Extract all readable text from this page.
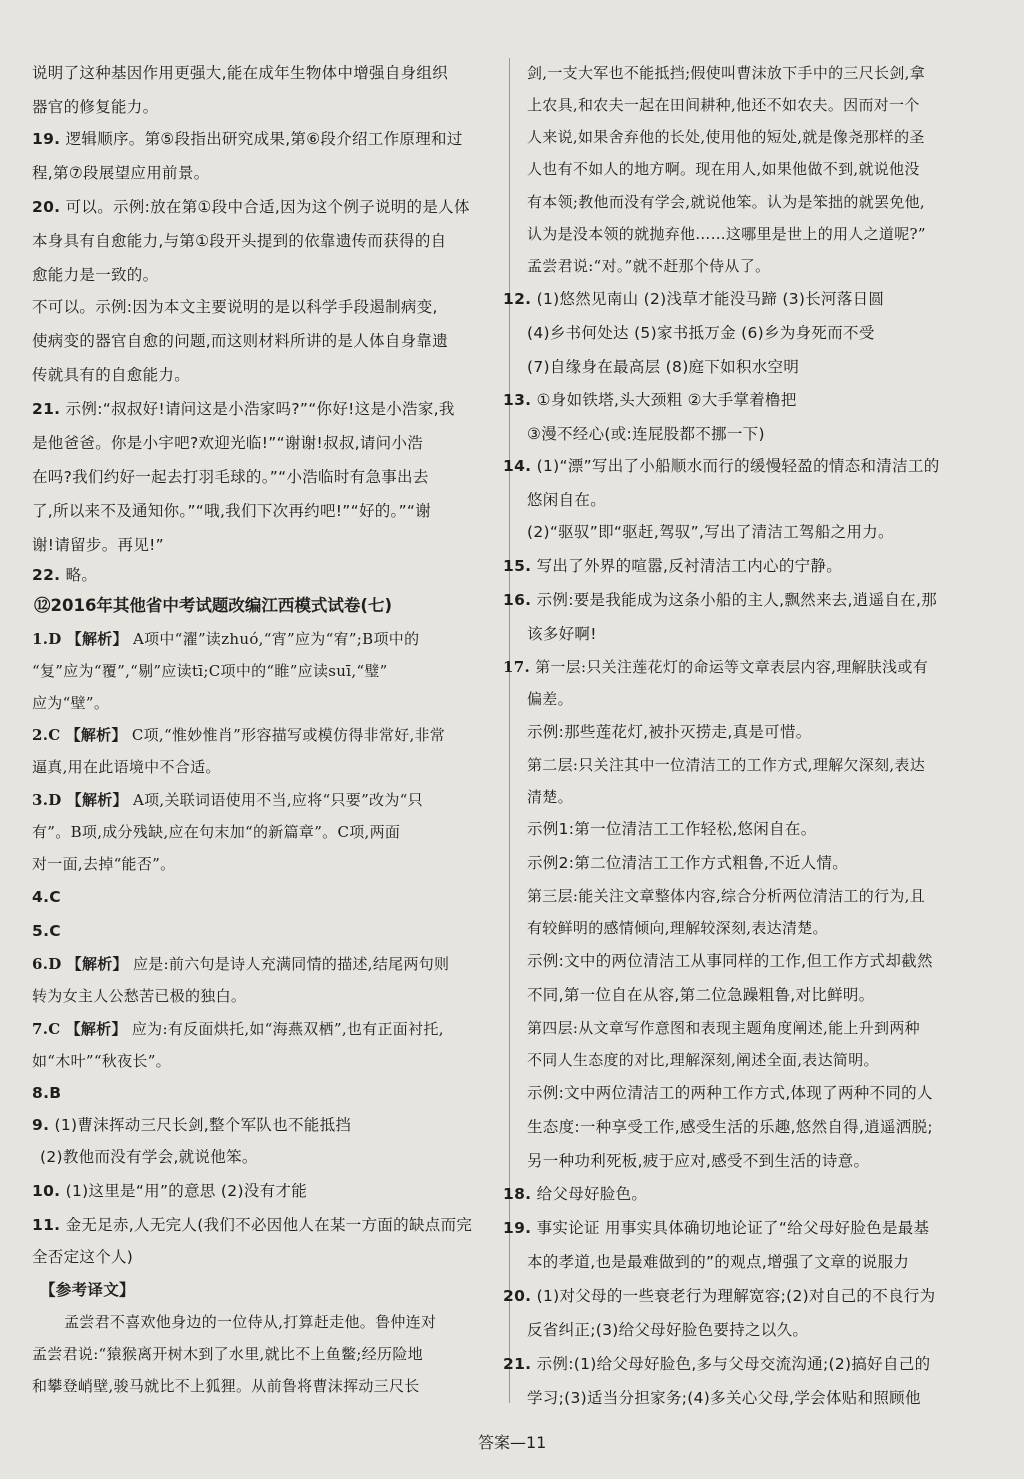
⑫2016年其他省中考试题改编江西模式试卷(七)
说明了这种基因作用更强大,能在成年生物体中增强自身组织
器官的修复能力。
19. 逻辑顺序。第⑤段指出研究成果,第⑥段介绍工作原理和过
程,第⑦段展望应用前景。
20. 可以。示例:放在第①段中合适,因为这个例子说明的是人体
本身具有自愈能力,与第①段开头提到的依靠遗传而获得的自
愈能力是一致的。
不可以。示例:因为本文主要说明的是以科学手段遏制病变,
使病变的器官自愈的问题,而这则材料所讲的是人体自身靠遗
传就具有的自愈能力。
21. 示例:“叔叔好!请问这是小浩家吗?”“你好!这是小浩家,我
是他爸爸。你是小宇吧?欢迎光临!”“谢谢!叔叔,请问小浩
在吗?我们约好一起去打羽毛球的。”“小浩临时有急事出去
了,所以来不及通知你。”“哦,我们下次再约吧!”“好的。”“谢
谢!请留步。再见!”
22. 略。
1.D 【解析】 A项中“濯”读zhuó,“宵”应为“宥”;B项中的
“复”应为“覆”,“剔”应读tī;C项中的“睢”应读suī,“璧”
应为“壁”。
2.C 【解析】 C项,“惟妙惟肖”形容描写或模仿得非常好,非常
逼真,用在此语境中不合适。
3.D 【解析】 A项,关联词语使用不当,应将“只要”改为“只
有”。B项,成分残缺,应在句末加“的新篇章”。C项,两面
对一面,去掉“能否”。
4.C
5.C
6.D 【解析】 应是:前六句是诗人充满同情的描述,结尾两句则
转为女主人公愁苦已极的独白。
7.C 【解析】 应为:有反面烘托,如“海燕双栖”,也有正面衬托,
如“木叶”“秋夜长”。
8.B
9. (1)曹沫挥动三尺长剑,整个军队也不能抵挡
(2)教他而没有学会,就说他笨。
10. (1)这里是“用”的意思 (2)没有才能
11. 金无足赤,人无完人(我们不必因他人在某一方面的缺点而完
全否定这个人)
【参考译文】
孟尝君不喜欢他身边的一位侍从,打算赶走他。鲁仲连对
孟尝君说:“猿猴离开树木到了水里,就比不上鱼鳖;经历险地
和攀登峭壁,骏马就比不上狐狸。从前鲁将曹沫挥动三尺长
剑,一支大军也不能抵挡;假使叫曹沫放下手中的三尺长剑,拿
上农具,和农夫一起在田间耕种,他还不如农夫。因而对一个
人来说,如果舍弃他的长处,使用他的短处,就是像尧那样的圣
人也有不如人的地方啊。现在用人,如果他做不到,就说他没
有本领;教他而没有学会,就说他笨。认为是笨拙的就罢免他,
认为是没本领的就抛弃他……这哪里是世上的用人之道呢?”
孟尝君说:“对。”就不赶那个侍从了。
12. (1)悠然见南山 (2)浅草才能没马蹄 (3)长河落日圆
(4)乡书何处达 (5)家书抵万金 (6)乡为身死而不受
(7)自缘身在最高层 (8)庭下如积水空明
13. ①身如铁塔,头大颈粗 ②大手掌着橹把
③漫不经心(或:连屁股都不挪一下)
14. (1)“漂”写出了小船顺水而行的缓慢轻盈的情态和清洁工的
悠闲自在。
(2)“驱驭”即“驱赶,驾驭”,写出了清洁工驾船之用力。
15. 写出了外界的喧嚣,反衬清洁工内心的宁静。
16. 示例:要是我能成为这条小船的主人,飘然来去,逍遥自在,那
该多好啊!
17. 第一层:只关注莲花灯的命运等文章表层内容,理解肤浅或有
偏差。
示例:那些莲花灯,被扑灭捞走,真是可惜。
第二层:只关注其中一位清洁工的工作方式,理解欠深刻,表达
清楚。
示例1:第一位清洁工工作轻松,悠闲自在。
示例2:第二位清洁工工作方式粗鲁,不近人情。
第三层:能关注文章整体内容,综合分析两位清洁工的行为,且
有较鲜明的感情倾向,理解较深刻,表达清楚。
示例:文中的两位清洁工从事同样的工作,但工作方式却截然
不同,第一位自在从容,第二位急躁粗鲁,对比鲜明。
第四层:从文章写作意图和表现主题角度阐述,能上升到两种
不同人生态度的对比,理解深刻,阐述全面,表达简明。
示例:文中两位清洁工的两种工作方式,体现了两种不同的人
生态度:一种享受工作,感受生活的乐趣,悠然自得,逍遥洒脱;
另一种功利死板,疲于应对,感受不到生活的诗意。
18. 给父母好脸色。
19. 事实论证 用事实具体确切地论证了“给父母好脸色是最基
本的孝道,也是最难做到的”的观点,增强了文章的说服力
20. (1)对父母的一些衰老行为理解宽容;(2)对自己的不良行为
反省纠正;(3)给父母好脸色要持之以久。
21. 示例:(1)给父母好脸色,多与父母交流沟通;(2)搞好自己的
学习;(3)适当分担家务;(4)多关心父母,学会体贴和照顾他
答案—11
